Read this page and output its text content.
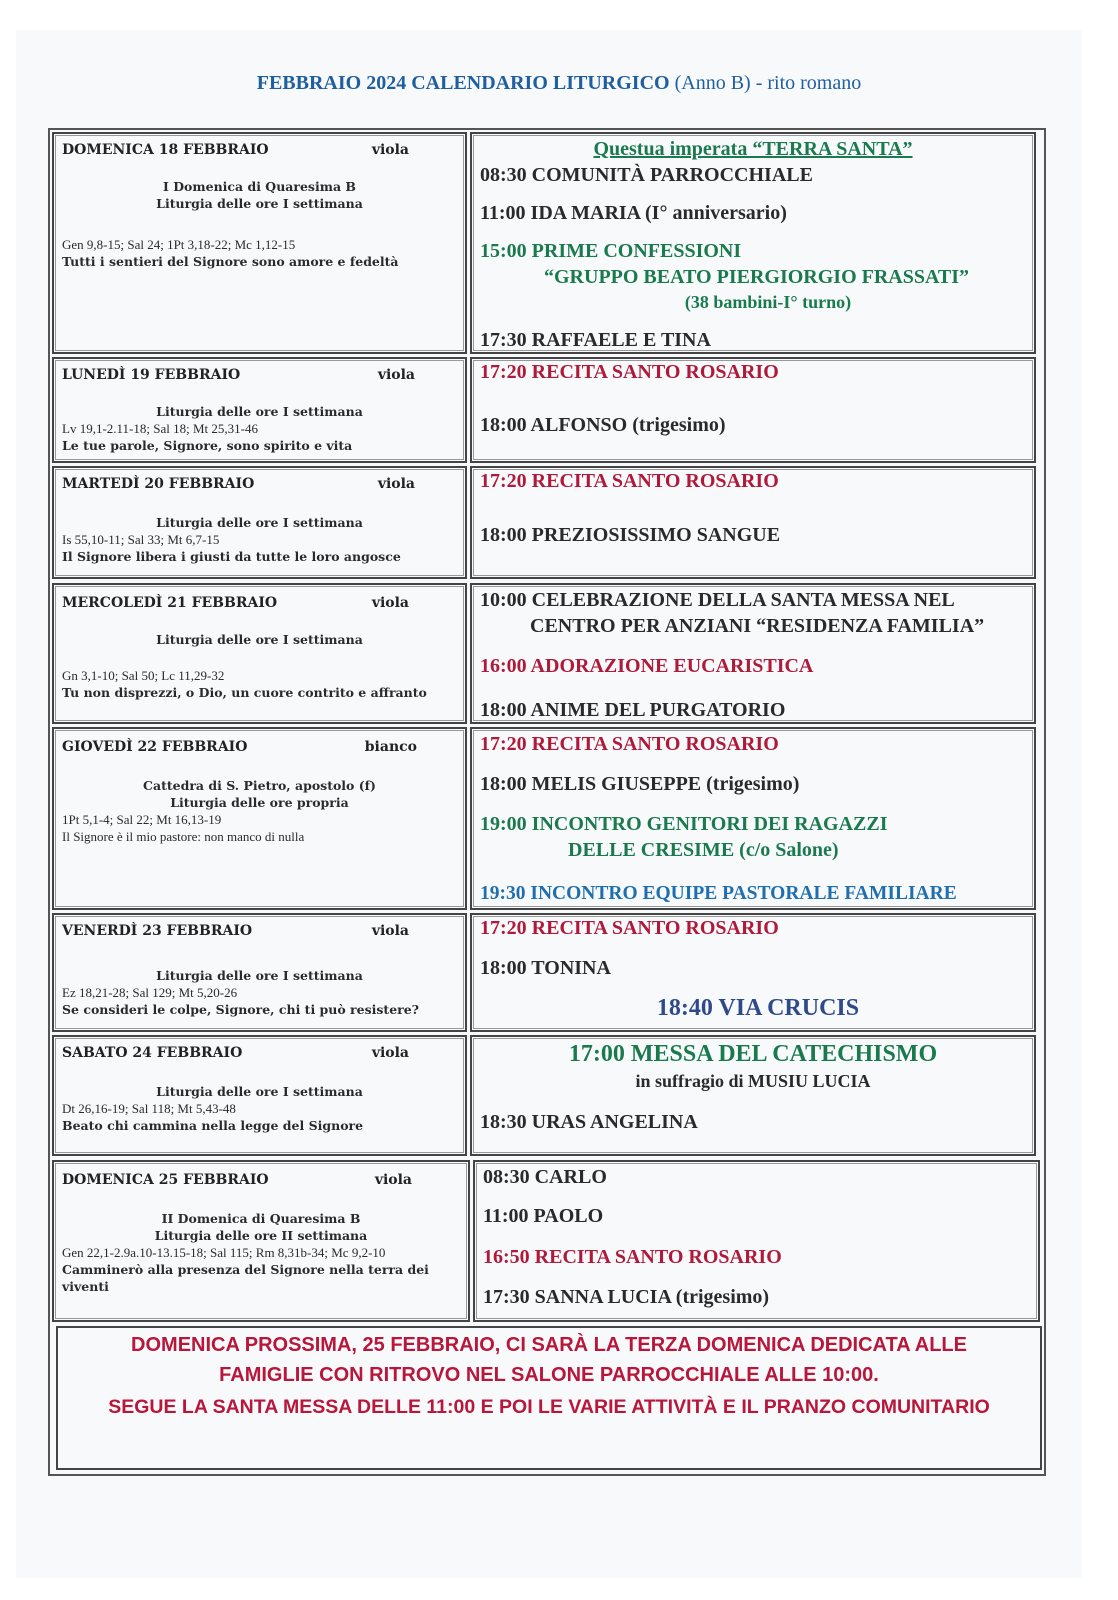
FEBBRAIO 2024 CALENDARIO LITURGICO (Anno B) - rito romano
DOMENICA 18 FEBBRAIO	viola
I Domenica di Quaresima B
Liturgia delle ore I settimana
Gen 9,8-15; Sal 24; 1Pt 3,18-22; Mc 1,12-15
Tutti i sentieri del Signore sono amore e fedeltà
Questua imperata “TERRA SANTA”
08:30 COMUNITÀ PARROCCHIALE
11:00 IDA MARIA (I° anniversario)
15:00 PRIME CONFESSIONI
“GRUPPO BEATO PIERGIORGIO FRASSATI”
(38 bambini-I° turno)
17:30 RAFFAELE E TINA
LUNEDÌ 19 FEBBRAIO	viola
Liturgia delle ore I settimana
Lv 19,1-2.11-18; Sal 18; Mt 25,31-46
Le tue parole, Signore, sono spirito e vita
17:20 RECITA SANTO ROSARIO
18:00 ALFONSO (trigesimo)
MARTEDÌ 20 FEBBRAIO	viola
Liturgia delle ore I settimana
Is 55,10-11; Sal 33; Mt 6,7-15
Il Signore libera i giusti da tutte le loro angosce
17:20 RECITA SANTO ROSARIO
18:00 PREZIOSISSIMO SANGUE
MERCOLEDÌ 21 FEBBRAIO	viola
Liturgia delle ore I settimana
Gn 3,1-10; Sal 50; Lc 11,29-32
Tu non disprezzi, o Dio, un cuore contrito e affranto
10:00 CELEBRAZIONE DELLA SANTA MESSA NEL
CENTRO PER ANZIANI “RESIDENZA FAMILIA”
16:00 ADORAZIONE EUCARISTICA
18:00 ANIME DEL PURGATORIO
GIOVEDÌ 22 FEBBRAIO	bianco
Cattedra di S. Pietro, apostolo (f)
Liturgia delle ore propria
1Pt 5,1-4; Sal 22; Mt 16,13-19
Il Signore è il mio pastore: non manco di nulla
17:20 RECITA SANTO ROSARIO
18:00 MELIS GIUSEPPE (trigesimo)
19:00 INCONTRO GENITORI DEI RAGAZZI
DELLE CRESIME (c/o Salone)
19:30 INCONTRO EQUIPE PASTORALE FAMILIARE
VENERDÌ 23 FEBBRAIO	viola
Liturgia delle ore I settimana
Ez 18,21-28; Sal 129; Mt 5,20-26
Se consideri le colpe, Signore, chi ti può resistere?
17:20 RECITA SANTO ROSARIO
18:00 TONINA
18:40 VIA CRUCIS
SABATO 24 FEBBRAIO	viola
Liturgia delle ore I settimana
Dt 26,16-19; Sal 118; Mt 5,43-48
Beato chi cammina nella legge del Signore
17:00 MESSA DEL CATECHISMO
in suffragio di MUSIU LUCIA
18:30 URAS ANGELINA
DOMENICA 25 FEBBRAIO	viola
II Domenica di Quaresima B
Liturgia delle ore II settimana
Gen 22,1-2.9a.10-13.15-18; Sal 115; Rm 8,31b-34; Mc 9,2-10
Camminerò alla presenza del Signore nella terra dei viventi
08:30 CARLO
11:00 PAOLO
16:50 RECITA SANTO ROSARIO
17:30 SANNA LUCIA (trigesimo)
DOMENICA PROSSIMA, 25 FEBBRAIO, CI SARÀ LA TERZA DOMENICA DEDICATA ALLE
FAMIGLIE CON RITROVO NEL SALONE PARROCCHIALE ALLE 10:00.
SEGUE LA SANTA MESSA DELLE 11:00 E POI LE VARIE ATTIVITÀ E IL PRANZO COMUNITARIO
